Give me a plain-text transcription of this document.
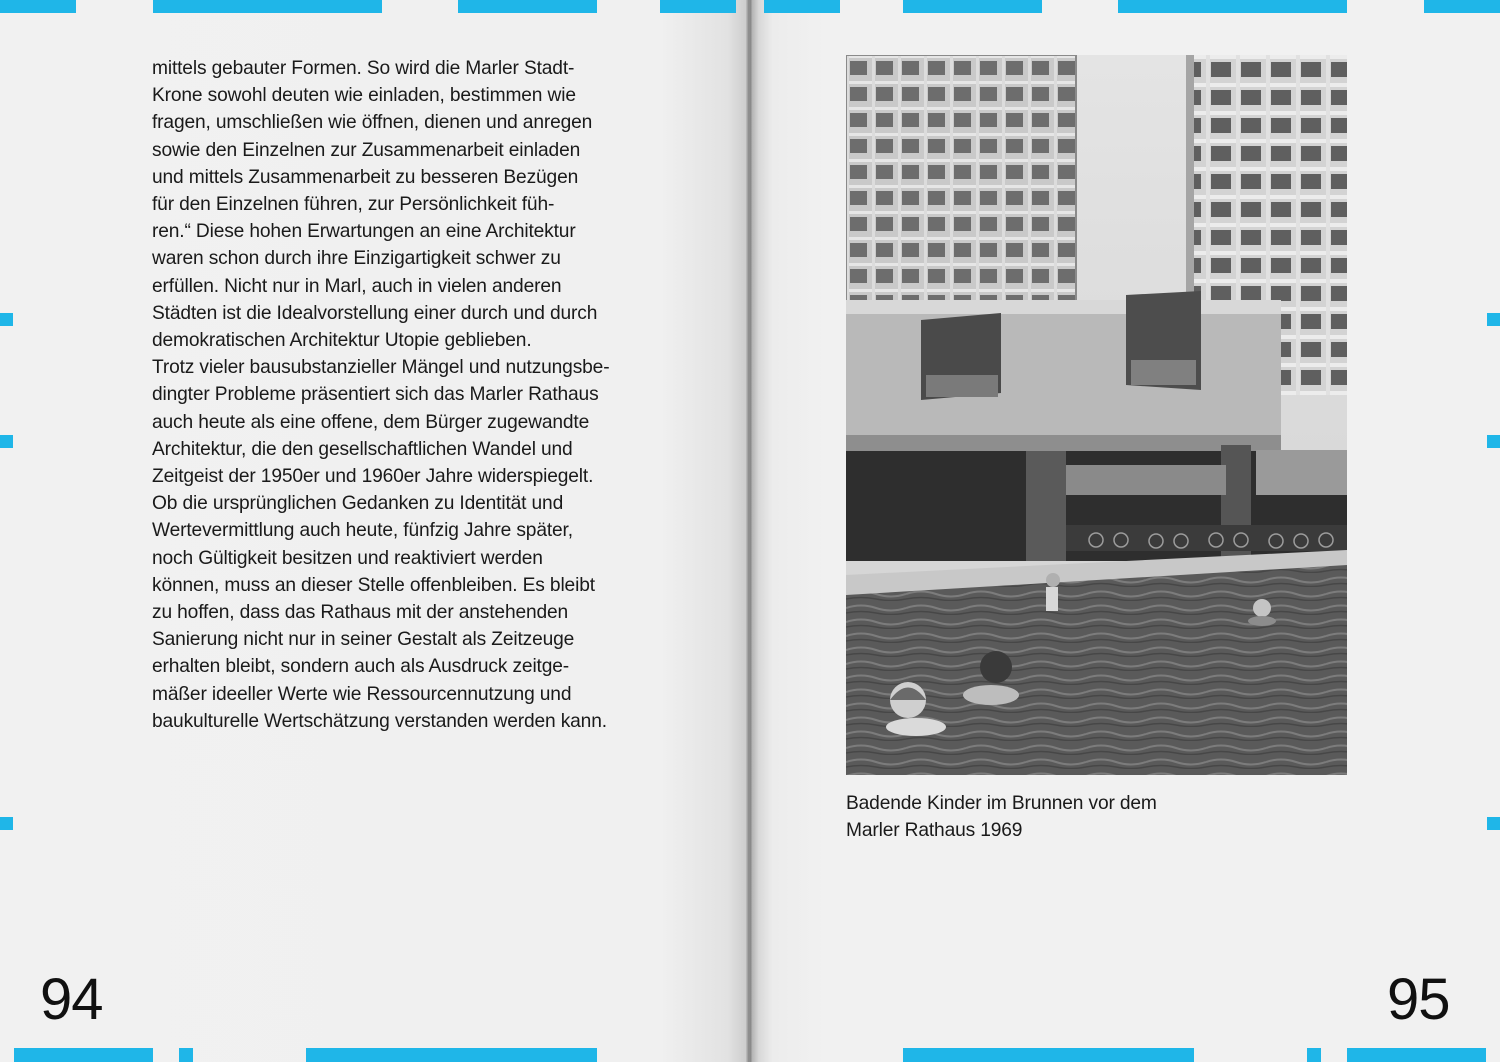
mittels gebauter Formen. So wird die Marler Stadt-
Krone sowohl deuten wie einladen, bestimmen wie
fragen, umschließen wie öffnen, dienen und anregen
sowie den Einzelnen zur Zusammenarbeit einladen
und mittels Zusammenarbeit zu besseren Bezügen
für den Einzelnen führen, zur Persönlichkeit füh-
ren.“ Diese hohen Erwartungen an eine Architektur
waren schon durch ihre Einzigartigkeit schwer zu
erfüllen. Nicht nur in Marl, auch in vielen anderen
Städten ist die Idealvorstellung einer durch und durch
demokratischen Architektur Utopie geblieben.
Trotz vieler bausubstanzieller Mängel und nutzungsbe-
dingter Probleme präsentiert sich das Marler Rathaus
auch heute als eine offene, dem Bürger zugewandte
Architektur, die den gesellschaftlichen Wandel und
Zeitgeist der 1950er und 1960er Jahre widerspiegelt.
Ob die ursprünglichen Gedanken zu Identität und
Wertevermittlung auch heute, fünfzig Jahre später,
noch Gültigkeit besitzen und reaktiviert werden
können, muss an dieser Stelle offenbleiben. Es bleibt
zu hoffen, dass das Rathaus mit der anstehenden
Sanierung nicht nur in seiner Gestalt als Zeitzeuge
erhalten bleibt, sondern auch als Ausdruck zeitge-
mäßer ideeller Werte wie Ressourcennutzung und
baukulturelle Wertschätzung verstanden werden kann.

94

Badende Kinder im Brunnen vor dem
Marler Rathaus 1969

95
